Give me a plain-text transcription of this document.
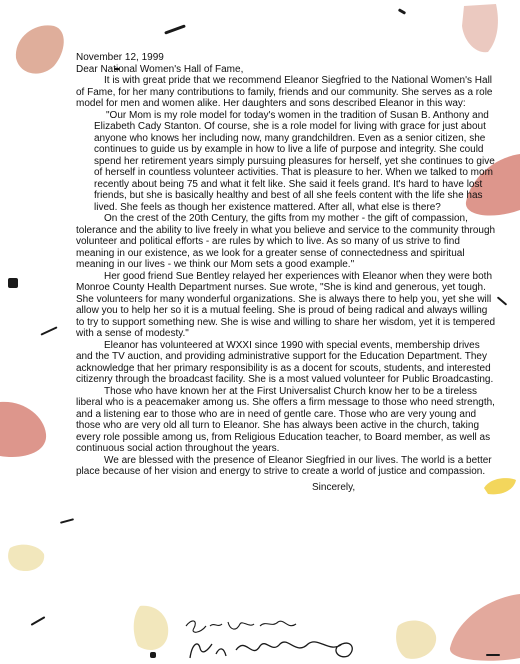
November 12, 1999

Dear National Women's Hall of Fame,

It is with great pride that we recommend Eleanor Siegfried to the National Women's Hall of Fame, for her many contributions to family, friends and our community. She serves as a role model for men and women alike. Her daughters and sons described Eleanor in this way:

"Our Mom is my role model for today's women in the tradition of Susan B. Anthony and Elizabeth Cady Stanton. Of course, she is a role model for living with grace for just about anyone who knows her including now, many grandchildren. Even as a senior citizen, she continues to guide us by example in how to live a life of purpose and integrity. She could spend her retirement years simply pursuing pleasures for herself, yet she continues to give of herself in countless volunteer activities. That is pleasure to her. When we talked to mom recently about being 75 and what it felt like. She said it feels grand. It's hard to have lost friends, but she is basically healthy and best of all she feels content with the life she has lived. She feels as though her existence mattered. After all, what else is there?

On the crest of the 20th Century, the gifts from my mother - the gift of compassion, tolerance and the ability to live freely in what you believe and service to the community through volunteer and political efforts - are rules by which to live. As so many of us strive to find meaning in our existence, as we look for a greater sense of connectedness and spiritual meaning in our lives - we think our Mom sets a good example."

Her good friend Sue Bentley relayed her experiences with Eleanor when they were both Monroe County Health Department nurses. Sue wrote, "She is kind and generous, yet tough. She volunteers for many wonderful organizations. She is always there to help you, yet she will allow you to help her so it is a mutual feeling. She is proud of being radical and always willing to try to support something new. She is wise and willing to share her wisdom, yet it is tempered with a sense of modesty."

Eleanor has volunteered at WXXI since 1990 with special events, membership drives and the TV auction, and providing administrative support for the Education Department. They acknowledge that her primary responsibility is as a docent for scouts, students, and interested citizenry through the broadcast facility. She is a most valued volunteer for Public Broadcasting.

Those who have known her at the First Universalist Church know her to be a tireless liberal who is a peacemaker among us. She offers a firm message to those who need strength, and a listening ear to those who are in need of gentle care. Those who are very young and those who are very old all turn to Eleanor. She has always been active in the church, taking every role possible among us, from Religious Education teacher, to Board member, as well as continuous social action throughout the years.

We are blessed with the presence of Eleanor Siegfried in our lives. The world is a better place because of her vision and energy to strive to create a world of justice and compassion.

Sincerely,
